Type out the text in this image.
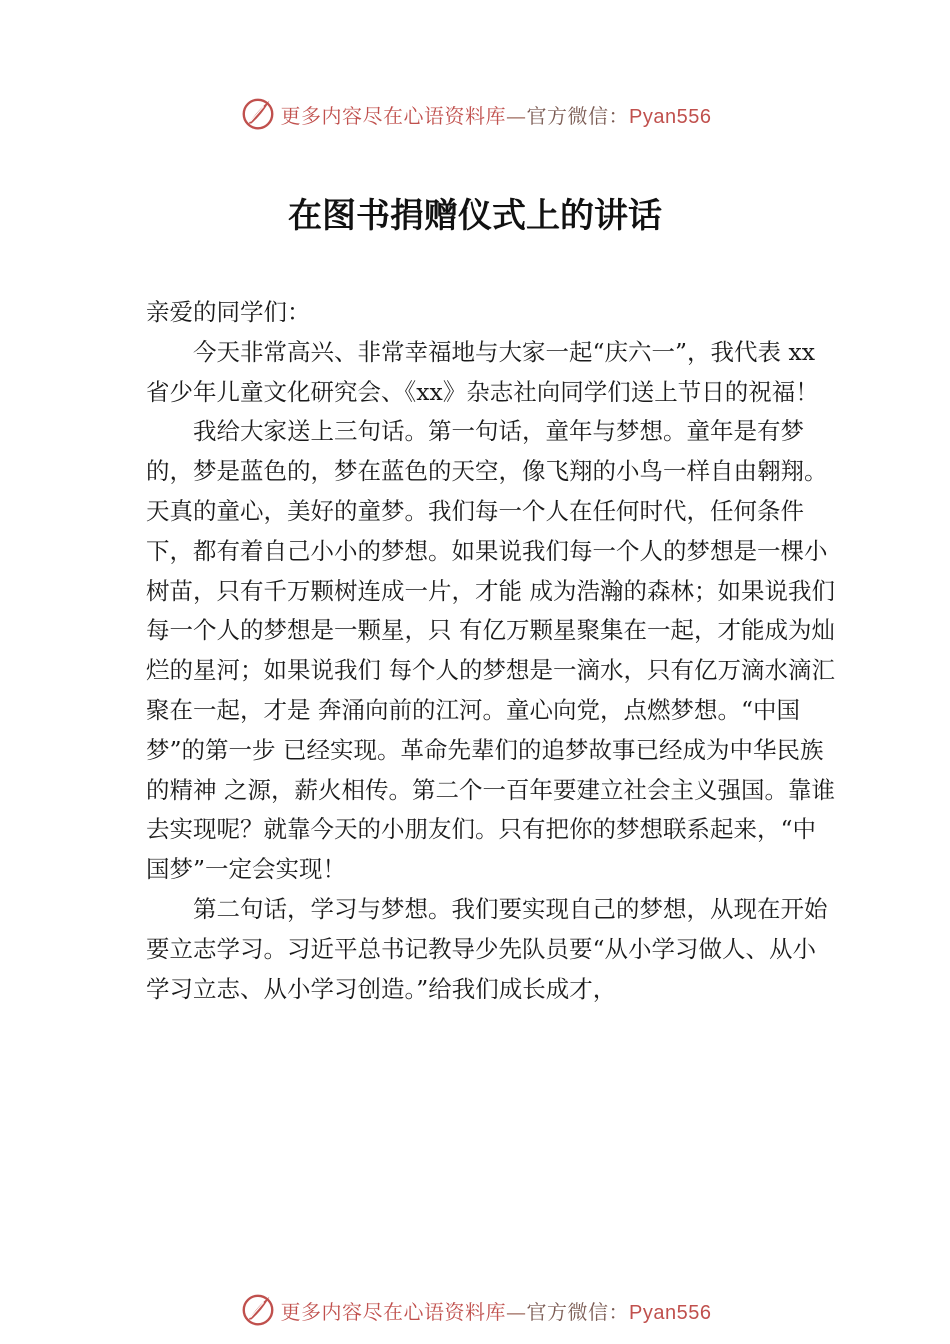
更多内容尽在心语资料库—官方微信：Pyan556
在图书捐赠仪式上的讲话

亲爱的同学们：

今天非常高兴、非常幸福地与大家一起“庆六一”，我代表 xx 省少年儿童文化研究会、《xx》杂志社向同学们送上节日的祝福！

我给大家送上三句话。第一句话，童年与梦想。童年是有梦的，梦是蓝色的，梦在蓝色的天空，像飞翔的小鸟一样自由翱翔。天真的童心，美好的童梦。我们每一个人在任何时代，任何条件下，都有着自己小小的梦想。如果说我们每一个人的梦想是一棵小树苗，只有千万颗树连成一片，才能 成为浩瀚的森林；如果说我们每一个人的梦想是一颗星，只 有亿万颗星聚集在一起，才能成为灿烂的星河；如果说我们 每个人的梦想是一滴水，只有亿万滴水滴汇聚在一起，才是 奔涌向前的江河。童心向党，点燃梦想。“中国梦”的第一步 已经实现。革命先辈们的追梦故事已经成为中华民族的精神 之源，薪火相传。第二个一百年要建立社会主义强国。靠谁 去实现呢？就靠今天的小朋友们。只有把你的梦想联系起来，“中国梦”一定会实现！

第二句话，学习与梦想。我们要实现自己的梦想，从现在开始要立志学习。习近平总书记教导少先队员要“从小学习做人、从小学习立志、从小学习创造。”给我们成长成才，

更多内容尽在心语资料库—官方微信：Pyan556
